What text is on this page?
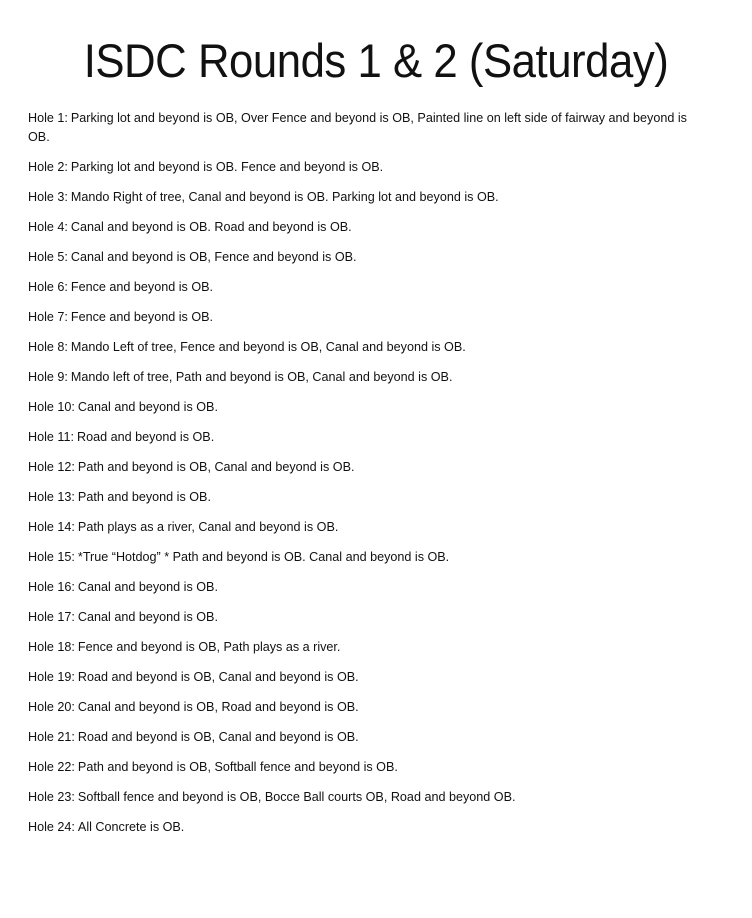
ISDC Rounds 1 & 2 (Saturday)
Hole 1: Parking lot and beyond is OB, Over Fence and beyond is OB, Painted line on left side of fairway and beyond is OB.
Hole 2: Parking lot and beyond is OB. Fence and beyond is OB.
Hole 3: Mando Right of tree, Canal and beyond is OB. Parking lot and beyond is OB.
Hole 4: Canal and beyond is OB. Road and beyond is OB.
Hole 5: Canal and beyond is OB, Fence and beyond is OB.
Hole 6: Fence and beyond is OB.
Hole 7: Fence and beyond is OB.
Hole 8: Mando Left of tree, Fence and beyond is OB, Canal and beyond is OB.
Hole 9: Mando left of tree, Path and beyond is OB, Canal and beyond is OB.
Hole 10: Canal and beyond is OB.
Hole 11: Road and beyond is OB.
Hole 12: Path and beyond is OB, Canal and beyond is OB.
Hole 13: Path and beyond is OB.
Hole 14: Path plays as a river, Canal and beyond is OB.
Hole 15: *True “Hotdog” * Path and beyond is OB. Canal and beyond is OB.
Hole 16: Canal and beyond is OB.
Hole 17: Canal and beyond is OB.
Hole 18: Fence and beyond is OB, Path plays as a river.
Hole 19: Road and beyond is OB, Canal and beyond is OB.
Hole 20: Canal and beyond is OB, Road and beyond is OB.
Hole 21: Road and beyond is OB, Canal and beyond is OB.
Hole 22: Path and beyond is OB, Softball fence and beyond is OB.
Hole 23: Softball fence and beyond is OB, Bocce Ball courts OB, Road and beyond OB.
Hole 24: All Concrete is OB.
